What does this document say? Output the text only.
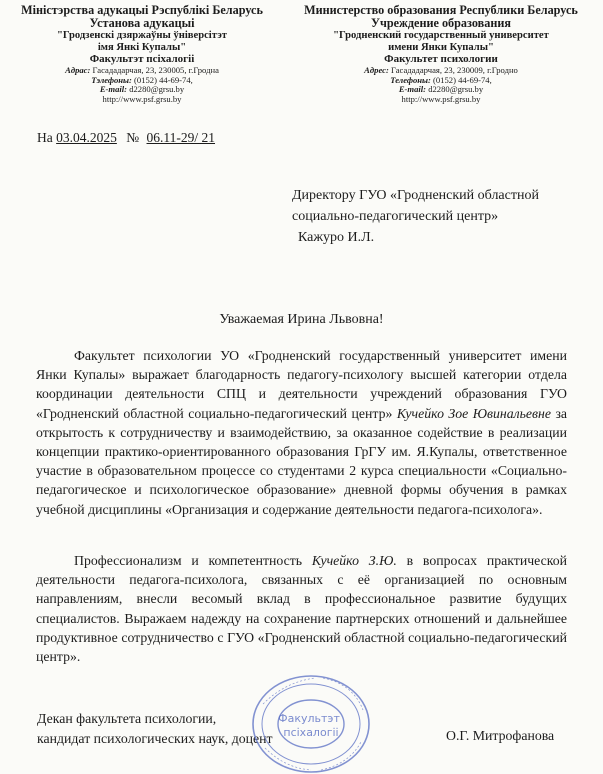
Міністэрства адукацыі Рэспублікі Беларусь
Установа адукацыі
"Гродзенскі дзяржаўны ўніверсітэт
імя Янкі Купалы"
Факультэт псіхалогіі
Адрас: Гасададарчая, 23, 230005, г.Гродна
Тэлефоны: (0152) 44-69-74,
E-mail: d2280@grsu.by
http://www.psf.grsu.by
Министерство образования Республики Беларусь
Учреждение образования
"Гродненский государственный университет
имени Янки Купалы"
Факультет психологии
Адрес: Гасададарчая, 23, 230009, г.Гродно
Телефоны: (0152) 44-69-74,
E-mail: d2280@grsu.by
http://www.psf.grsu.by
На 03.04.2025 № 06.11-29/ 21
Директору ГУО «Гродненский областной
социально-педагогический центр»
Кажуро И.Л.
Уважаемая Ирина Львовна!

Факультет психологии УО «Гродненский государственный университет имени Янки Купалы» выражает благодарность педагогу-психологу высшей категории отдела координации деятельности СПЦ и деятельности учреждений образования ГУО «Гродненский областной социально-педагогический центр» Кучейко Зое Ювинальевне за открытость к сотрудничеству и взаимодействию, за оказанное содействие в реализации концепции практико-ориентированного образования ГрГУ им. Я.Купалы, ответственное участие в образовательном процессе со студентами 2 курса специальности «Социально-педагогическое и психологическое образование» дневной формы обучения в рамках учебной дисциплины «Организация и содержание деятельности педагога-психолога».

Профессионализм и компетентность Кучейко З.Ю. в вопросах практической деятельности педагога-психолога, связанных с её организацией по основным направлениям, внесли весомый вклад в профессиональное развитие будущих специалистов. Выражаем надежду на сохранение партнерских отношений и дальнейшее продуктивное сотрудничество с ГУО «Гродненский областной социально-педагогический центр».

Декан факультета психологии,
кандидат психологических наук, доцент	О.Г. Митрофанова
Факультэт
псіхалогіі
